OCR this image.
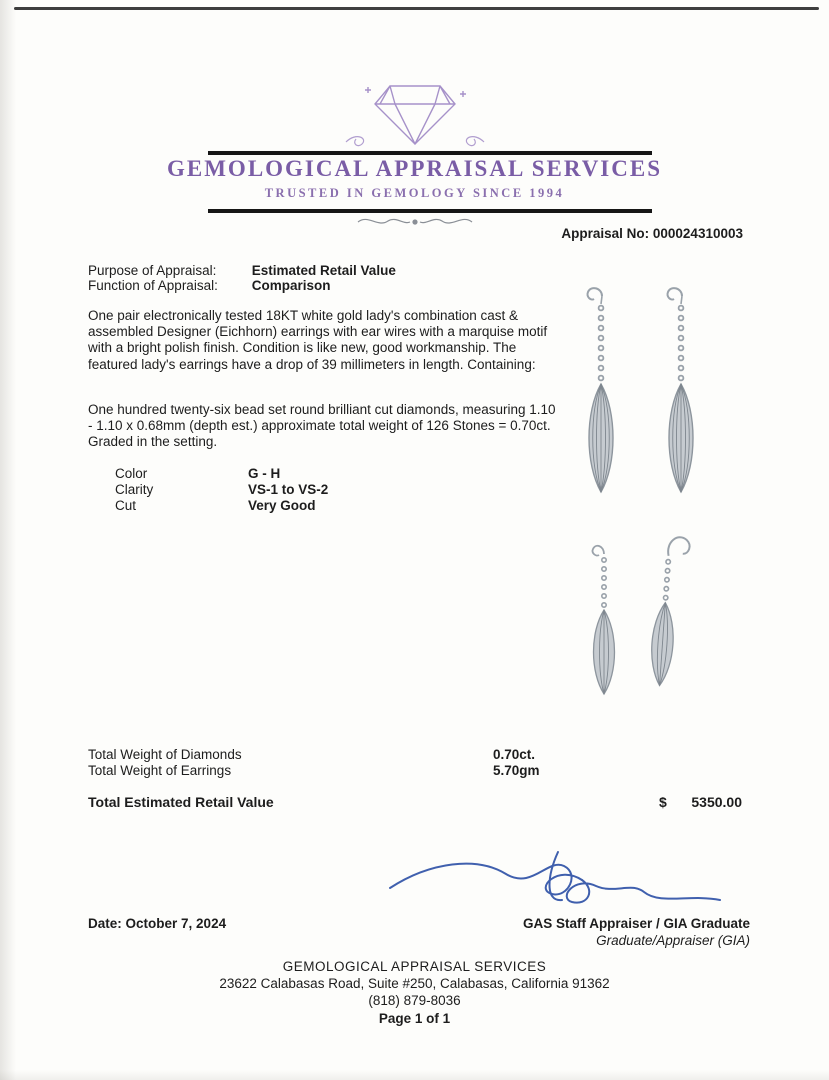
GEMOLOGICAL APPRAISAL SERVICES
TRUSTED IN GEMOLOGY SINCE 1994
Appraisal No: 000024310003
Purpose of Appraisal:	Estimated Retail Value
Function of Appraisal:	Comparison
One pair electronically tested 18KT white gold lady's combination cast & assembled Designer (Eichhorn) earrings with ear wires with a marquise motif with a bright polish finish. Condition is like new, good workmanship. The featured lady's earrings have a drop of 39 millimeters in length. Containing:
One hundred twenty-six bead set round brilliant cut diamonds, measuring 1.10 - 1.10 x 0.68mm (depth est.) approximate total weight of 126 Stones = 0.70ct. Graded in the setting.
Color	G - H
Clarity	VS-1 to VS-2
Cut	Very Good
Total Weight of Diamonds	0.70ct.
Total Weight of Earrings	5.70gm
Total Estimated Retail Value	$	5350.00
Date: October 7, 2024	GAS Staff Appraiser / GIA Graduate
Graduate/Appraiser (GIA)
GEMOLOGICAL APPRAISAL SERVICES
23622 Calabasas Road, Suite #250, Calabasas, California 91362
(818) 879-8036
Page 1 of 1
